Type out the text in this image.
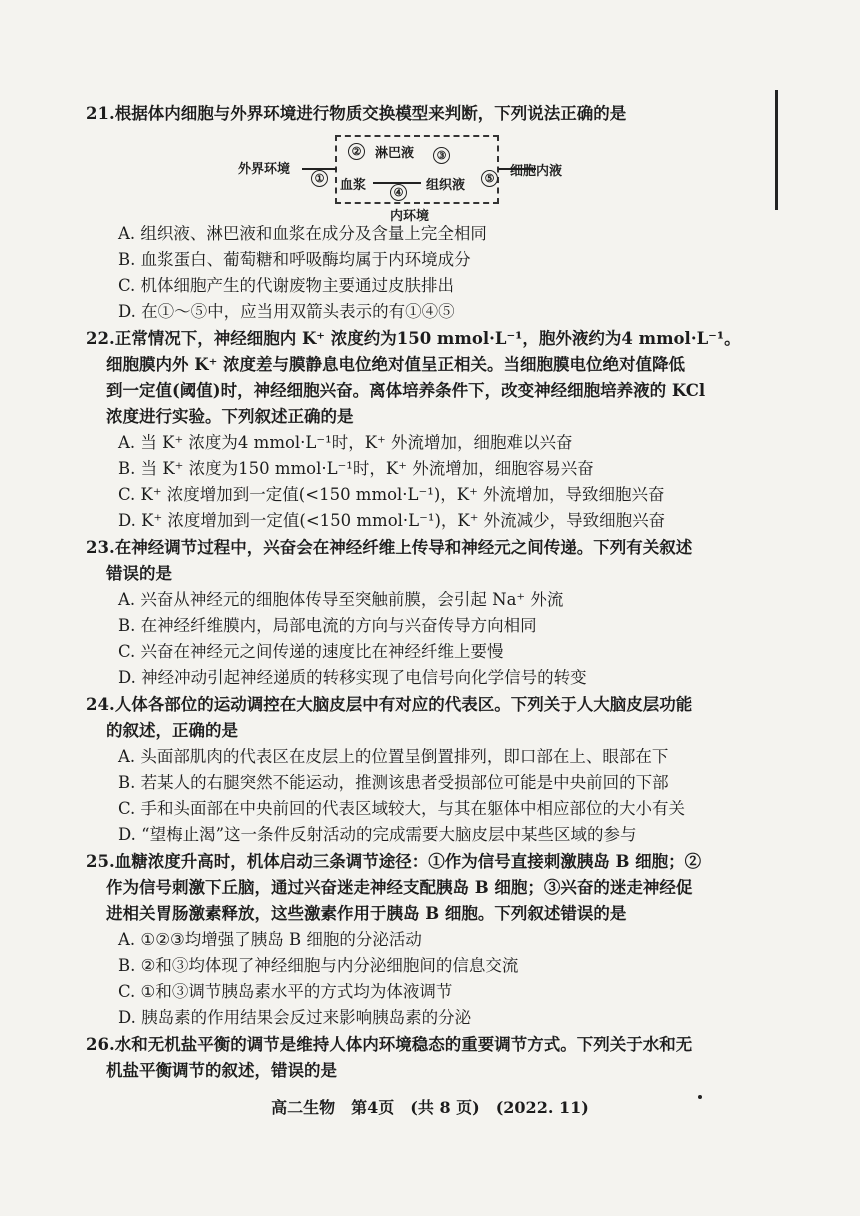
21.根据体内细胞与外界环境进行物质交换模型来判断，下列说法正确的是
外界环境
①
② 淋巴液	③
血浆	④ 组织液	⑤ 细胞内液
内环境
A. 组织液、淋巴液和血浆在成分及含量上完全相同
B. 血浆蛋白、葡萄糖和呼吸酶均属于内环境成分
C. 机体细胞产生的代谢废物主要通过皮肤排出
D. 在①～⑤中，应当用双箭头表示的有①④⑤
22.正常情况下，神经细胞内 K⁺ 浓度约为150 mmol·L⁻¹，胞外液约为4 mmol·L⁻¹。
细胞膜内外 K⁺ 浓度差与膜静息电位绝对值呈正相关。当细胞膜电位绝对值降低
到一定值(阈值)时，神经细胞兴奋。离体培养条件下，改变神经细胞培养液的 KCl
浓度进行实验。下列叙述正确的是
A. 当 K⁺ 浓度为4 mmol·L⁻¹时，K⁺ 外流增加，细胞难以兴奋
B. 当 K⁺ 浓度为150 mmol·L⁻¹时，K⁺ 外流增加，细胞容易兴奋
C. K⁺ 浓度增加到一定值(<150 mmol·L⁻¹)，K⁺ 外流增加，导致细胞兴奋
D. K⁺ 浓度增加到一定值(<150 mmol·L⁻¹)，K⁺ 外流减少，导致细胞兴奋
23.在神经调节过程中，兴奋会在神经纤维上传导和神经元之间传递。下列有关叙述
错误的是
A. 兴奋从神经元的细胞体传导至突触前膜，会引起 Na⁺ 外流
B. 在神经纤维膜内，局部电流的方向与兴奋传导方向相同
C. 兴奋在神经元之间传递的速度比在神经纤维上要慢
D. 神经冲动引起神经递质的转移实现了电信号向化学信号的转变
24.人体各部位的运动调控在大脑皮层中有对应的代表区。下列关于人大脑皮层功能
的叙述，正确的是
A. 头面部肌肉的代表区在皮层上的位置呈倒置排列，即口部在上、眼部在下
B. 若某人的右腿突然不能运动，推测该患者受损部位可能是中央前回的下部
C. 手和头面部在中央前回的代表区域较大，与其在躯体中相应部位的大小有关
D. “望梅止渴”这一条件反射活动的完成需要大脑皮层中某些区域的参与
25.血糖浓度升高时，机体启动三条调节途径：①作为信号直接刺激胰岛 B 细胞；②
作为信号刺激下丘脑，通过兴奋迷走神经支配胰岛 B 细胞；③兴奋的迷走神经促
进相关胃肠激素释放，这些激素作用于胰岛 B 细胞。下列叙述错误的是
A. ①②③均增强了胰岛 B 细胞的分泌活动
B. ②和③均体现了神经细胞与内分泌细胞间的信息交流
C. ①和③调节胰岛素水平的方式均为体液调节
D. 胰岛素的作用结果会反过来影响胰岛素的分泌
26.水和无机盐平衡的调节是维持人体内环境稳态的重要调节方式。下列关于水和无
机盐平衡调节的叙述，错误的是
高二生物　第4页　(共 8 页)　(2022. 11)
